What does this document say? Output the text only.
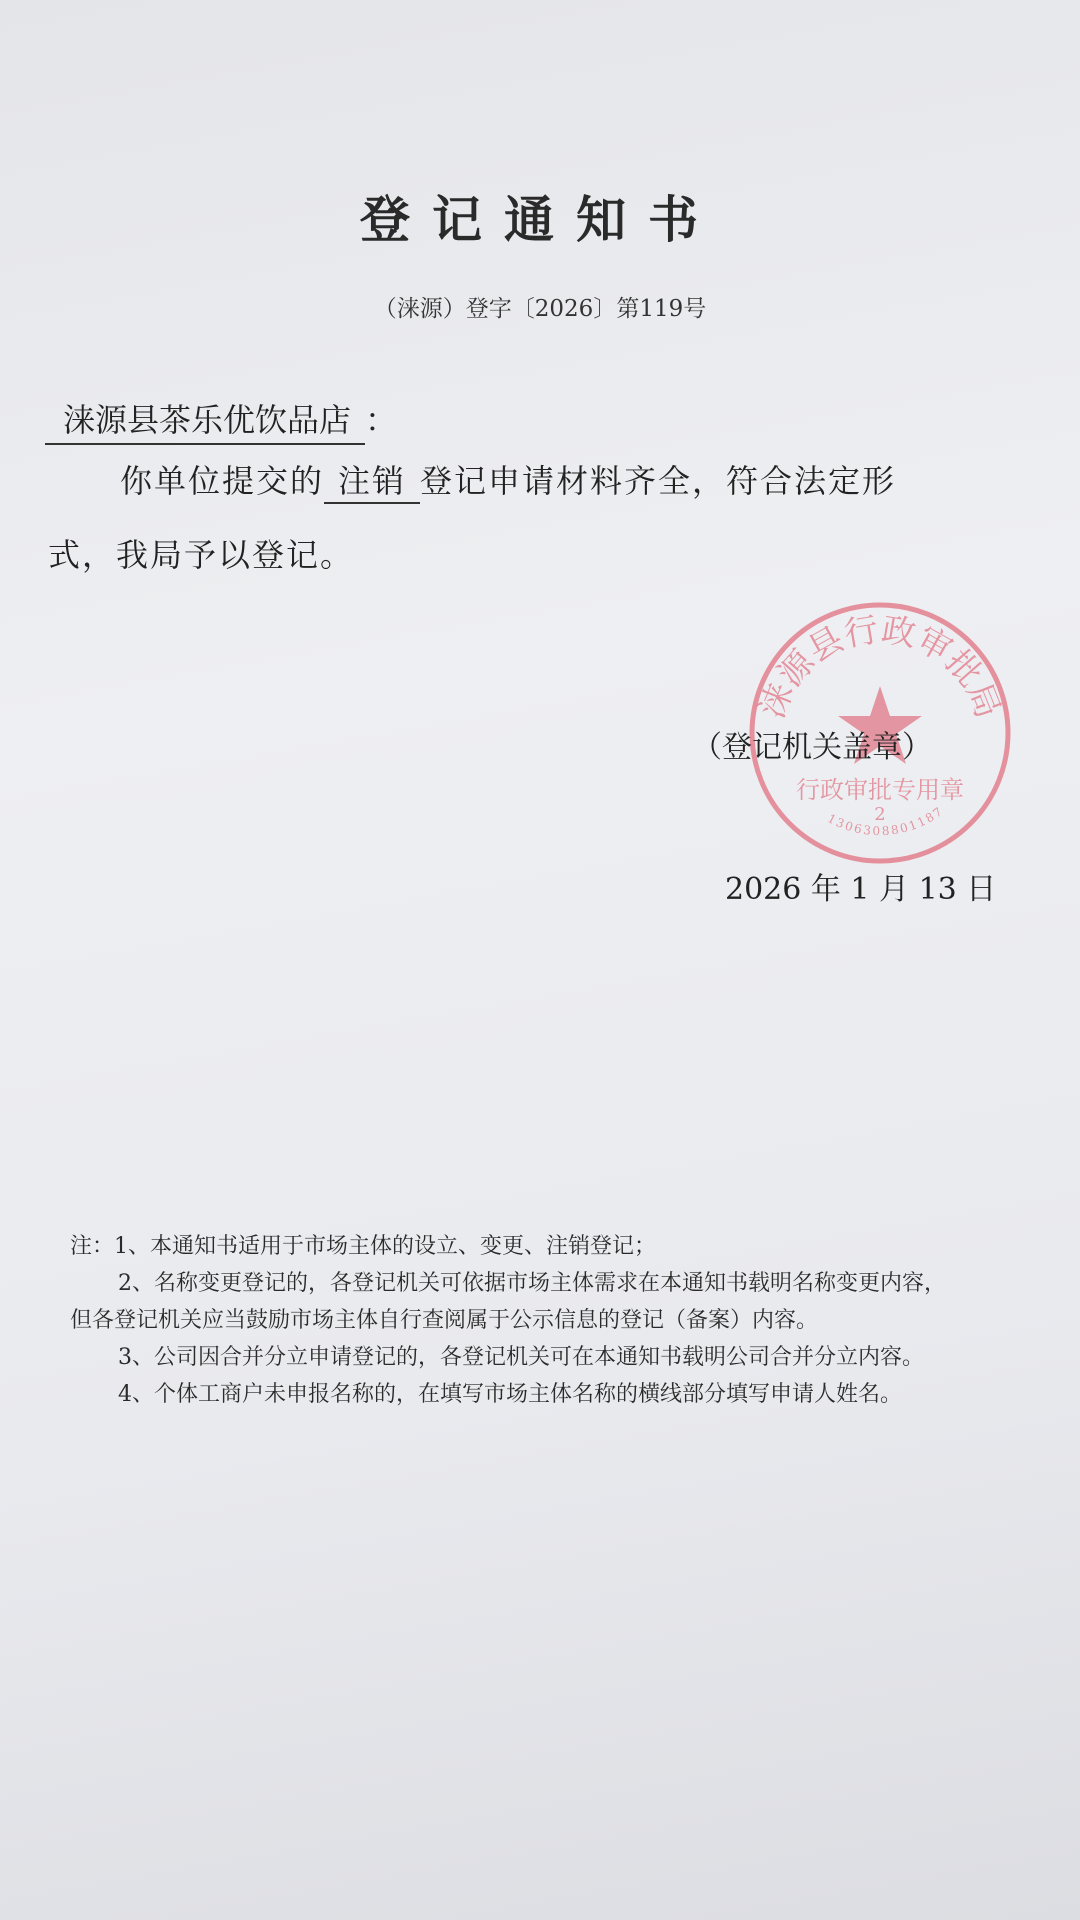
登记通知书
（涞源）登字〔2026〕第119号
涞源县茶乐优饮品店 ：
你单位提交的 注销 登记申请材料齐全，符合法定形
式，我局予以登记。
涞源县行政审批局
行政审批专用章
2
1306308801187
（登记机关盖章）
2026 年 1 月 13 日
注：1、本通知书适用于市场主体的设立、变更、注销登记；
2、名称变更登记的，各登记机关可依据市场主体需求在本通知书载明名称变更内容，
但各登记机关应当鼓励市场主体自行查阅属于公示信息的登记（备案）内容。
3、公司因合并分立申请登记的，各登记机关可在本通知书载明公司合并分立内容。
4、个体工商户未申报名称的，在填写市场主体名称的横线部分填写申请人姓名。
